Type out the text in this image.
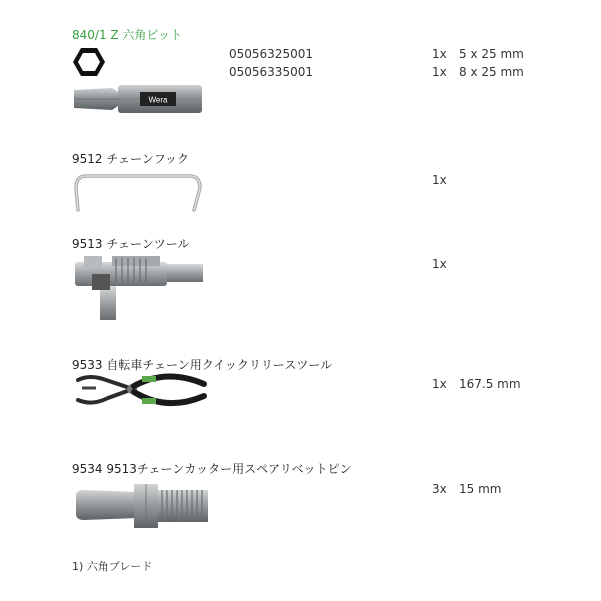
840/1 Z 六角ビット
05056325001	1x 5 x 25 mm
05056335001	1x 8 x 25 mm
Wera
9512 チェーンフック
1x
9513 チェーンツール
1x
9533 自転車チェーン用クイックリリースツール
1x 167.5 mm
9534 9513チェーンカッター用スペアリベットピン
3x 15 mm
1) 六角ブレード
